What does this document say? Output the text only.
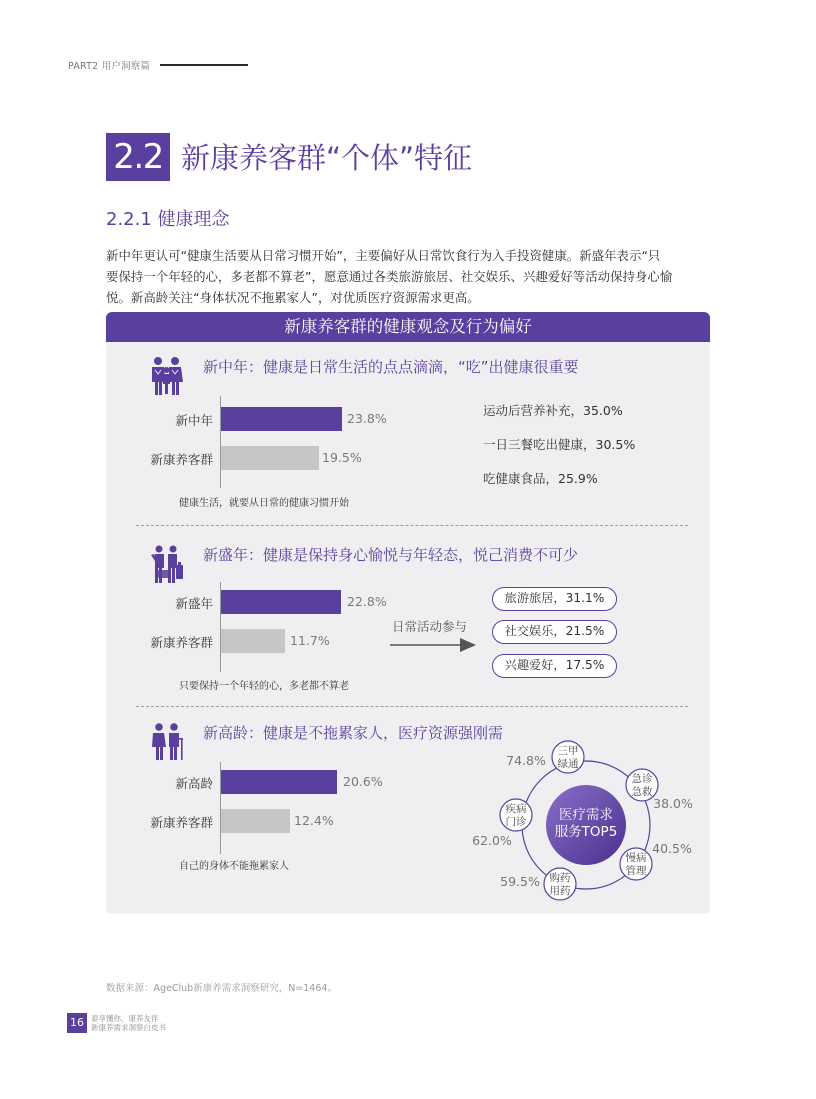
PART2 用户洞察篇
2.2 新康养客群“个体”特征
2.2.1 健康理念
新中年更认可“健康生活要从日常习惯开始”，主要偏好从日常饮食行为入手投资健康。新盛年表示“只
要保持一个年轻的心，多老都不算老”，愿意通过各类旅游旅居、社交娱乐、兴趣爱好等活动保持身心愉
悦。新高龄关注“身体状况不拖累家人”，对优质医疗资源需求更高。
新康养客群的健康观念及行为偏好
新中年：健康是日常生活的点点滴滴，“吃”出健康很重要
新中年	23.8%
新康养客群	19.5%
健康生活，就要从日常的健康习惯开始
运动后营养补充，35.0%
一日三餐吃出健康，30.5%
吃健康食品，25.9%
新盛年：健康是保持身心愉悦与年轻态，悦己消费不可少
新盛年	22.8%
新康养客群	11.7%
只要保持一个年轻的心，多老都不算老
日常活动参与
旅游旅居，31.1%
社交娱乐，21.5%
兴趣爱好，17.5%
新高龄：健康是不拖累家人，医疗资源强刚需
新高龄	20.6%
新康养客群	12.4%
自己的身体不能拖累家人
医疗需求
服务TOP5
三甲
绿通
74.8%
急诊
急救
38.0%
慢病
管理
40.5%
购药
用药
59.5%
疾病
门诊
62.0%
数据来源：AgeClub新康养需求洞察研究，N=1464。
16 泰享懂你，康养友伴
新康养需求洞察白皮书
